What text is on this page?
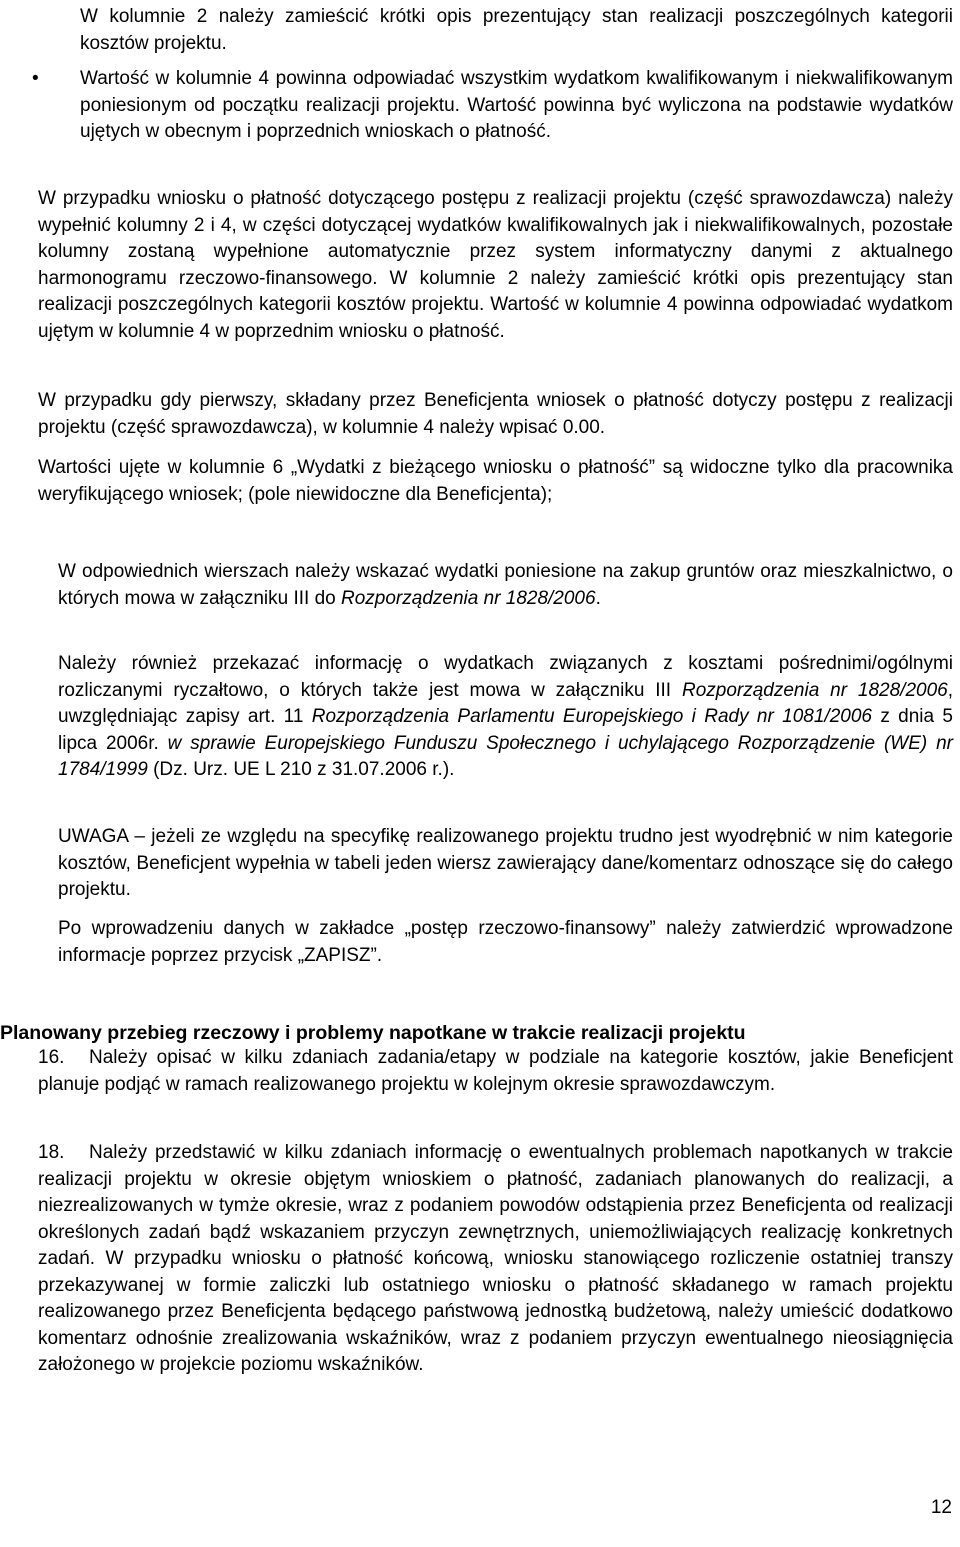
W kolumnie 2 należy zamieścić krótki opis prezentujący stan realizacji poszczególnych kategorii kosztów projektu.

• Wartość w kolumnie 4 powinna odpowiadać wszystkim wydatkom kwalifikowanym i niekwalifikowanym poniesionym od początku realizacji projektu. Wartość powinna być wyliczona na podstawie wydatków ujętych w obecnym i poprzednich wnioskach o płatność.

W przypadku wniosku o płatność dotyczącego postępu z realizacji projektu (część sprawozdawcza) należy wypełnić kolumny 2 i 4, w części dotyczącej wydatków kwalifikowalnych jak i niekwalifikowalnych, pozostałe kolumny zostaną wypełnione automatycznie przez system informatyczny danymi z aktualnego harmonogramu rzeczowo-finansowego. W kolumnie 2 należy zamieścić krótki opis prezentujący stan realizacji poszczególnych kategorii kosztów projektu. Wartość w kolumnie 4 powinna odpowiadać wydatkom ujętym w kolumnie 4 w poprzednim wniosku o płatność.

W przypadku gdy pierwszy, składany przez Beneficjenta wniosek o płatność dotyczy postępu z realizacji projektu (część sprawozdawcza), w kolumnie 4 należy wpisać 0.00.

Wartości ujęte w kolumnie 6 „Wydatki z bieżącego wniosku o płatność” są widoczne tylko dla pracownika weryfikującego wniosek; (pole niewidoczne dla Beneficjenta);

W odpowiednich wierszach należy wskazać wydatki poniesione na zakup gruntów oraz mieszkalnictwo, o których mowa w załączniku III do Rozporządzenia nr 1828/2006.

Należy również przekazać informację o wydatkach związanych z kosztami pośrednimi/ogólnymi rozliczanymi ryczałtowo, o których także jest mowa w załączniku III Rozporządzenia nr 1828/2006, uwzględniając zapisy art. 11 Rozporządzenia Parlamentu Europejskiego i Rady nr 1081/2006 z dnia 5 lipca 2006r. w sprawie Europejskiego Funduszu Społecznego i uchylającego Rozporządzenie (WE) nr 1784/1999 (Dz. Urz. UE L 210 z 31.07.2006 r.).

UWAGA – jeżeli ze względu na specyfikę realizowanego projektu trudno jest wyodrębnić w nim kategorie kosztów, Beneficjent wypełnia w tabeli jeden wiersz zawierający dane/komentarz odnoszące się do całego projektu.

Po wprowadzeniu danych w zakładce „postęp rzeczowo-finansowy” należy zatwierdzić wprowadzone informacje poprzez przycisk „ZAPISZ”.

Planowany przebieg rzeczowy i problemy napotkane w trakcie realizacji projektu

16. Należy opisać w kilku zdaniach zadania/etapy w podziale na kategorie kosztów, jakie Beneficjent planuje podjąć w ramach realizowanego projektu w kolejnym okresie sprawozdawczym.

18. Należy przedstawić w kilku zdaniach informację o ewentualnych problemach napotkanych w trakcie realizacji projektu w okresie objętym wnioskiem o płatność, zadaniach planowanych do realizacji, a niezrealizowanych w tymże okresie, wraz z podaniem powodów odstąpienia przez Beneficjenta od realizacji określonych zadań bądź wskazaniem przyczyn zewnętrznych, uniemożliwiających realizację konkretnych zadań. W przypadku wniosku o płatność końcową, wniosku stanowiącego rozliczenie ostatniej transzy przekazywanej w formie zaliczki lub ostatniego wniosku o płatność składanego w ramach projektu realizowanego przez Beneficjenta będącego państwową jednostką budżetową, należy umieścić dodatkowo komentarz odnośnie zrealizowania wskaźników, wraz z podaniem przyczyn ewentualnego nieosiągnięcia założonego w projekcie poziomu wskaźników.

12
